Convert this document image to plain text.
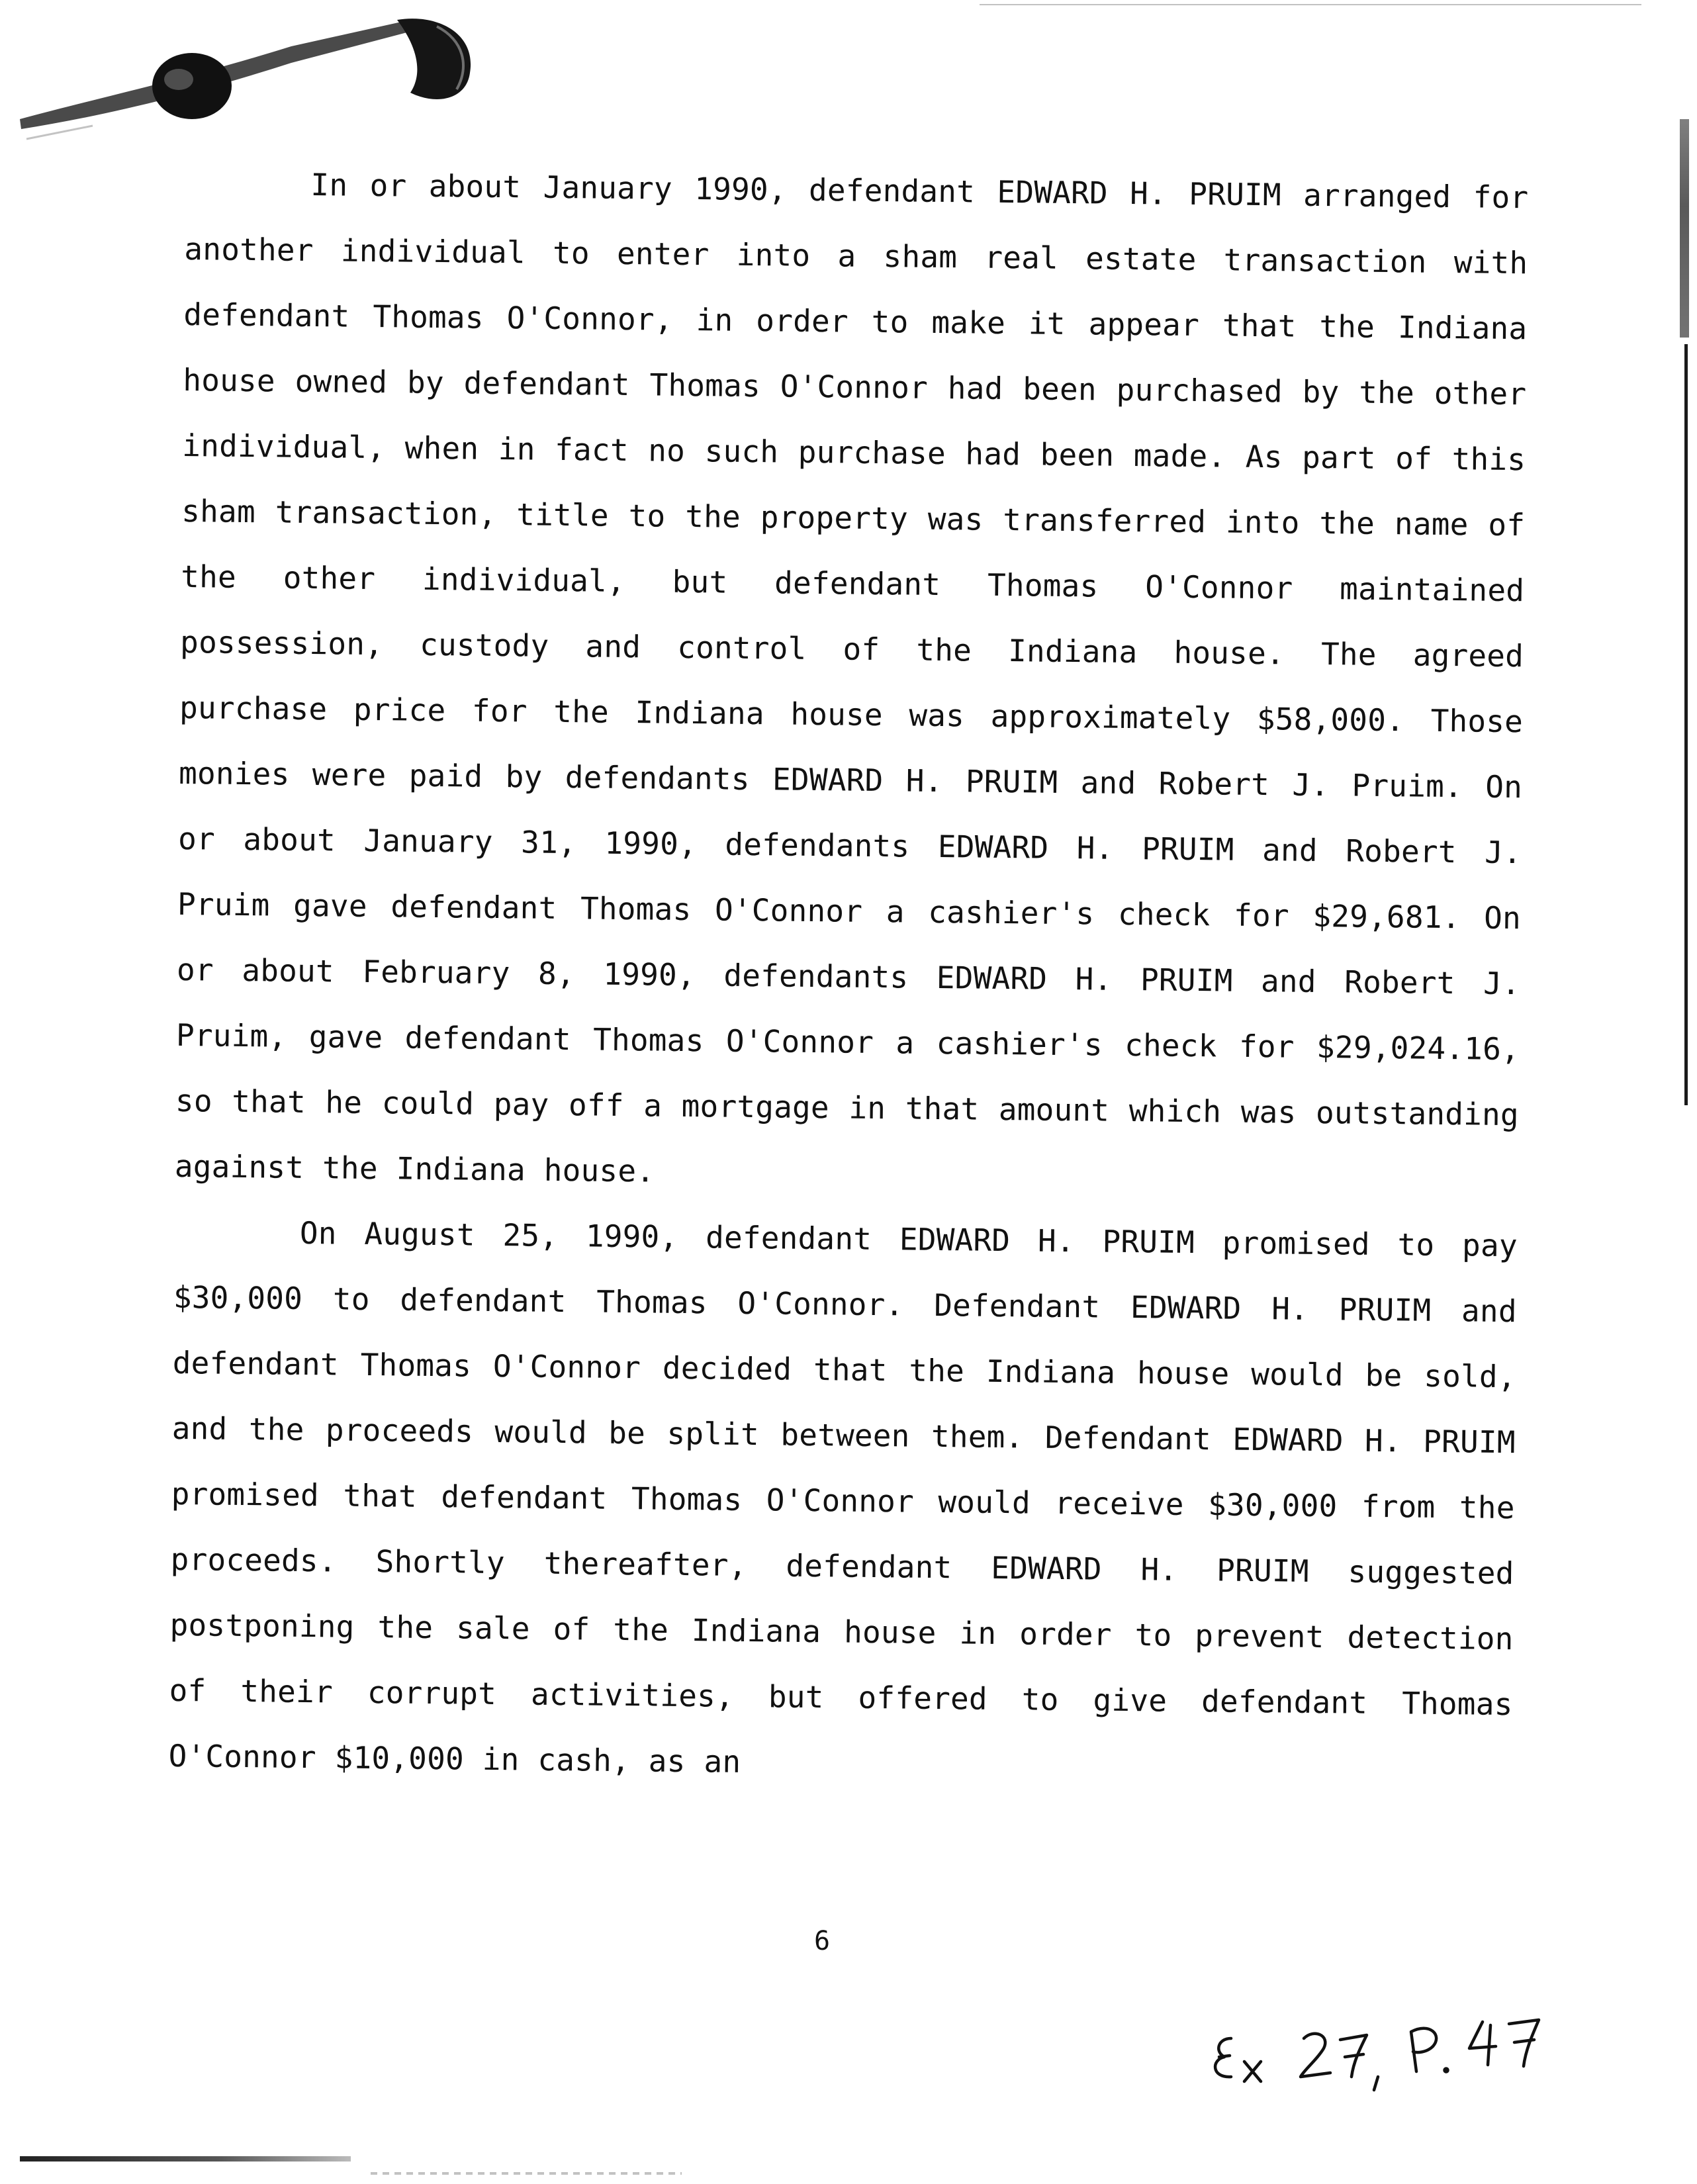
In or about January 1990, defendant EDWARD H. PRUIM arranged for another individual to enter into a sham real estate transaction with defendant Thomas O'Connor, in order to make it appear that the Indiana house owned by defendant Thomas O'Connor had been purchased by the other individual, when in fact no such purchase had been made. As part of this sham transaction, title to the property was transferred into the name of the other individual, but defendant Thomas O'Connor maintained possession, custody and control of the Indiana house. The agreed purchase price for the Indiana house was approximately $58,000. Those monies were paid by defendants EDWARD H. PRUIM and Robert J. Pruim. On or about January 31, 1990, defendants EDWARD H. PRUIM and Robert J. Pruim gave defendant Thomas O'Connor a cashier's check for $29,681. On or about February 8, 1990, defendants EDWARD H. PRUIM and Robert J. Pruim, gave defendant Thomas O'Connor a cashier's check for $29,024.16, so that he could pay off a mortgage in that amount which was outstanding against the Indiana house.

On August 25, 1990, defendant EDWARD H. PRUIM promised to pay $30,000 to defendant Thomas O'Connor. Defendant EDWARD H. PRUIM and defendant Thomas O'Connor decided that the Indiana house would be sold, and the proceeds would be split between them. Defendant EDWARD H. PRUIM promised that defendant Thomas O'Connor would receive $30,000 from the proceeds. Shortly thereafter, defendant EDWARD H. PRUIM suggested postponing the sale of the Indiana house in order to prevent detection of their corrupt activities, but offered to give defendant Thomas O'Connor $10,000 in cash, as an

6
